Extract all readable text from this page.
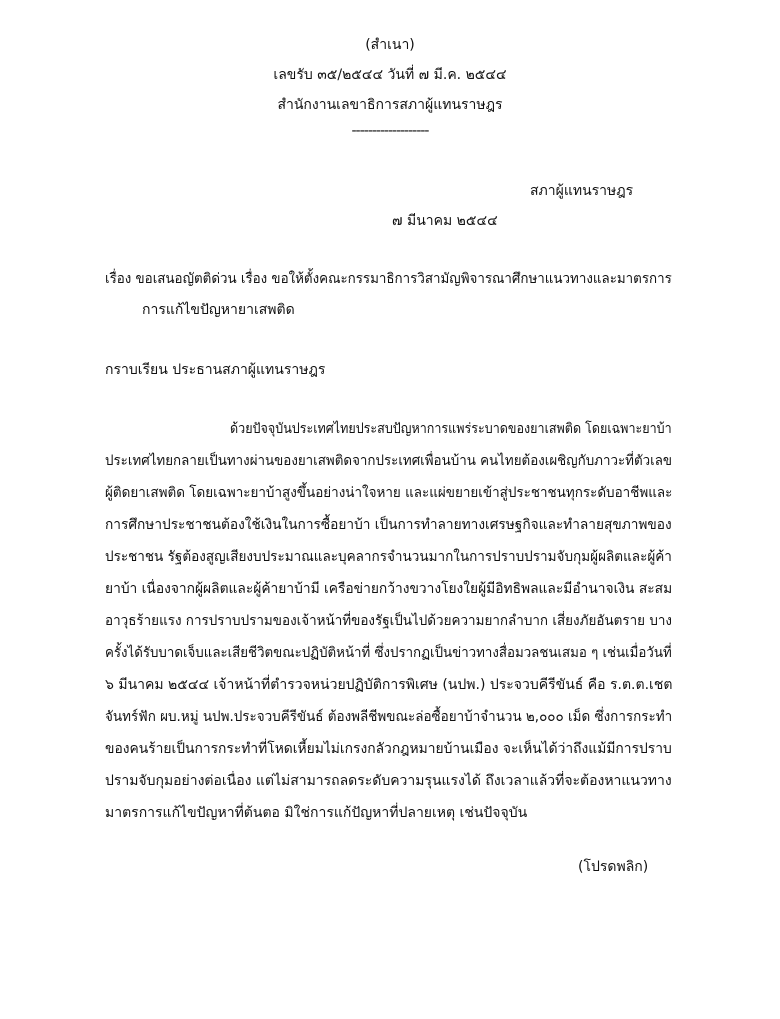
(สำเนา)
เลขรับ ๓๕/๒๕๔๔ วันที่ ๗ มี.ค. ๒๕๔๔
สำนักงานเลขาธิการสภาผู้แทนราษฎร
-------------------
สภาผู้แทนราษฎร
๗ มีนาคม ๒๕๔๔
เรื่อง ขอเสนอญัตติด่วน เรื่อง ขอให้ตั้งคณะกรรมาธิการวิสามัญพิจารณาศึกษาแนวทางและมาตรการ
การแก้ไขปัญหายาเสพติด
กราบเรียน ประธานสภาผู้แทนราษฎร
ด้วยปัจจุบันประเทศไทยประสบปัญหาการแพร่ระบาดของยาเสพติด โดยเฉพาะยาบ้า
ประเทศไทยกลายเป็นทางผ่านของยาเสพติดจากประเทศเพื่อนบ้าน คนไทยต้องเผชิญกับภาวะที่ตัวเลข
ผู้ติดยาเสพติด โดยเฉพาะยาบ้าสูงขึ้นอย่างน่าใจหาย และแผ่ขยายเข้าสู่ประชาชนทุกระดับอาชีพและ
การศึกษาประชาชนต้องใช้เงินในการซื้อยาบ้า เป็นการทำลายทางเศรษฐกิจและทำลายสุขภาพของ
ประชาชน รัฐต้องสูญเสียงบประมาณและบุคลากรจำนวนมากในการปราบปรามจับกุมผู้ผลิตและผู้ค้า
ยาบ้า เนื่องจากผู้ผลิตและผู้ค้ายาบ้ามี เครือข่ายกว้างขวางโยงใยผู้มีอิทธิพลและมีอำนาจเงิน สะสม
อาวุธร้ายแรง การปราบปรามของเจ้าหน้าที่ของรัฐเป็นไปด้วยความยากลำบาก เสี่ยงภัยอันตราย บาง
ครั้งได้รับบาดเจ็บและเสียชีวิตขณะปฏิบัติหน้าที่ ซึ่งปรากฏเป็นข่าวทางสื่อมวลชนเสมอ ๆ เช่นเมื่อวันที่
๖ มีนาคม ๒๕๔๔ เจ้าหน้าที่ตำรวจหน่วยปฏิบัติการพิเศษ (นปพ.) ประจวบคีรีขันธ์ คือ ร.ต.ต.เชต
จันทร์ฟัก ผบ.หมู่ นปพ.ประจวบคีรีขันธ์ ต้องพลีชีพขณะล่อซื้อยาบ้าจำนวน ๒,๐๐๐ เม็ด ซึ่งการกระทำ
ของคนร้ายเป็นการกระทำที่โหดเหี้ยมไม่เกรงกลัวกฎหมายบ้านเมือง จะเห็นได้ว่าถึงแม้มีการปราบ
ปรามจับกุมอย่างต่อเนื่อง แต่ไม่สามารถลดระดับความรุนแรงได้ ถึงเวลาแล้วที่จะต้องหาแนวทาง
มาตรการแก้ไขปัญหาที่ต้นตอ มิใช่การแก้ปัญหาที่ปลายเหตุ เช่นปัจจุบัน
(โปรดพลิก)
